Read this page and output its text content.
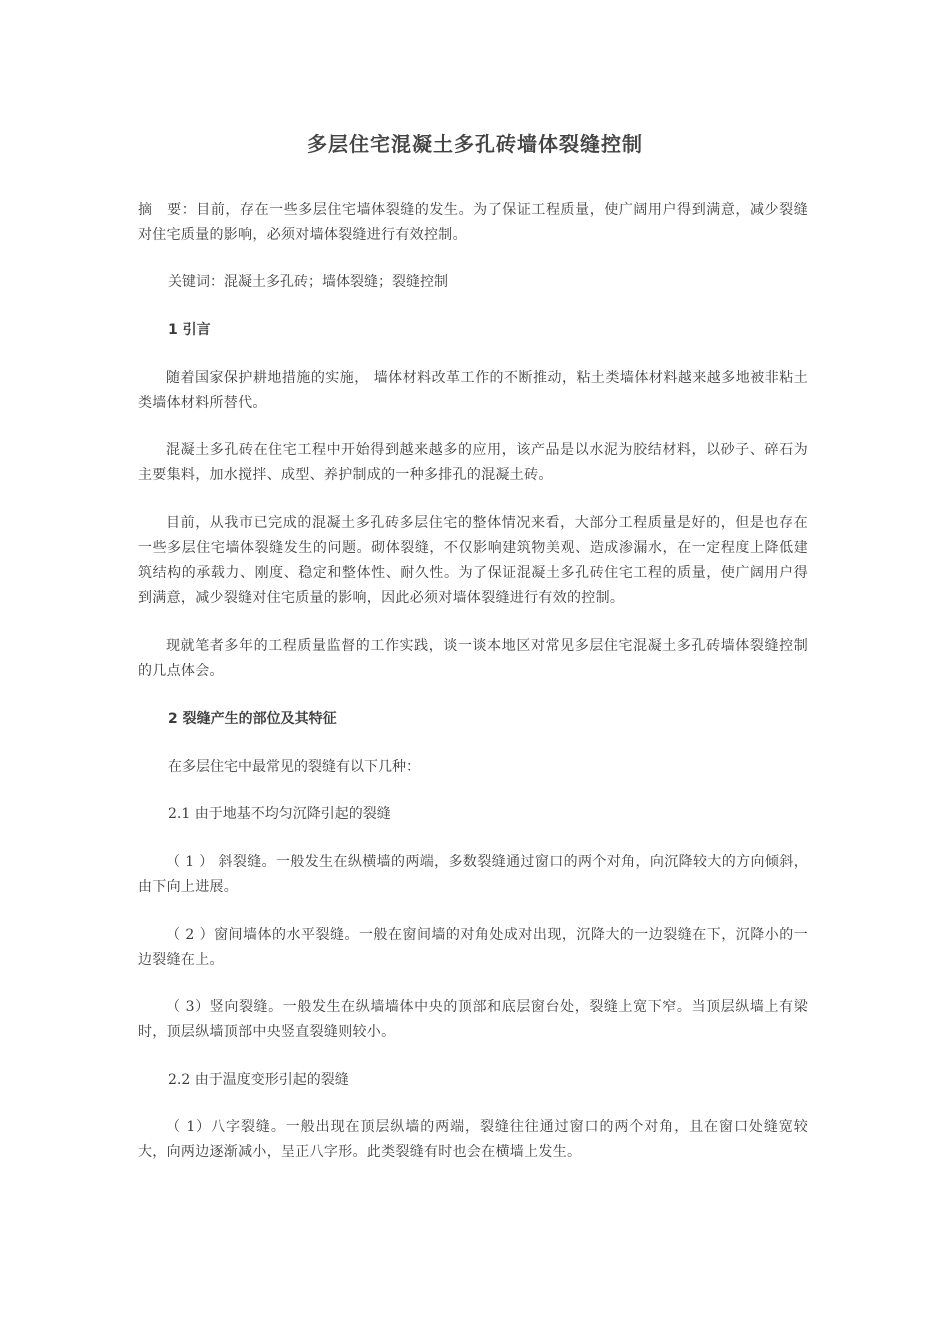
多层住宅混凝土多孔砖墙体裂缝控制

摘　要：目前，存在一些多层住宅墙体裂缝的发生。为了保证工程质量，使广阔用户得到满意，减少裂缝对住宅质量的影响，必须对墙体裂缝进行有效控制。

关键词：混凝土多孔砖；墙体裂缝；裂缝控制

1 引言

随着国家保护耕地措施的实施， 墙体材料改革工作的不断推动，粘土类墙体材料越来越多地被非粘土类墙体材料所替代。

混凝土多孔砖在住宅工程中开始得到越来越多的应用，该产品是以水泥为胶结材料，以砂子、碎石为主要集料，加水搅拌、成型、养护制成的一种多排孔的混凝土砖。

目前，从我市已完成的混凝土多孔砖多层住宅的整体情况来看，大部分工程质量是好的，但是也存在一些多层住宅墙体裂缝发生的问题。砌体裂缝，不仅影响建筑物美观、造成渗漏水，在一定程度上降低建筑结构的承载力、刚度、稳定和整体性、耐久性。为了保证混凝土多孔砖住宅工程的质量，使广阔用户得到满意，减少裂缝对住宅质量的影响，因此必须对墙体裂缝进行有效的控制。

现就笔者多年的工程质量监督的工作实践，谈一谈本地区对常见多层住宅混凝土多孔砖墙体裂缝控制的几点体会。

2 裂缝产生的部位及其特征

在多层住宅中最常见的裂缝有以下几种：

2.1 由于地基不均匀沉降引起的裂缝

（ 1 ） 斜裂缝。一般发生在纵横墙的两端，多数裂缝通过窗口的两个对角，向沉降较大的方向倾斜，由下向上进展。

（ 2 ）窗间墙体的水平裂缝。一般在窗间墙的对角处成对出现，沉降大的一边裂缝在下，沉降小的一边裂缝在上。

（ 3）竖向裂缝。一般发生在纵墙墙体中央的顶部和底层窗台处，裂缝上宽下窄。当顶层纵墙上有梁时，顶层纵墙顶部中央竖直裂缝则较小。

2.2 由于温度变形引起的裂缝

（ 1）八字裂缝。一般出现在顶层纵墙的两端，裂缝往往通过窗口的两个对角，且在窗口处缝宽较大，向两边逐渐减小，呈正八字形。此类裂缝有时也会在横墙上发生。
